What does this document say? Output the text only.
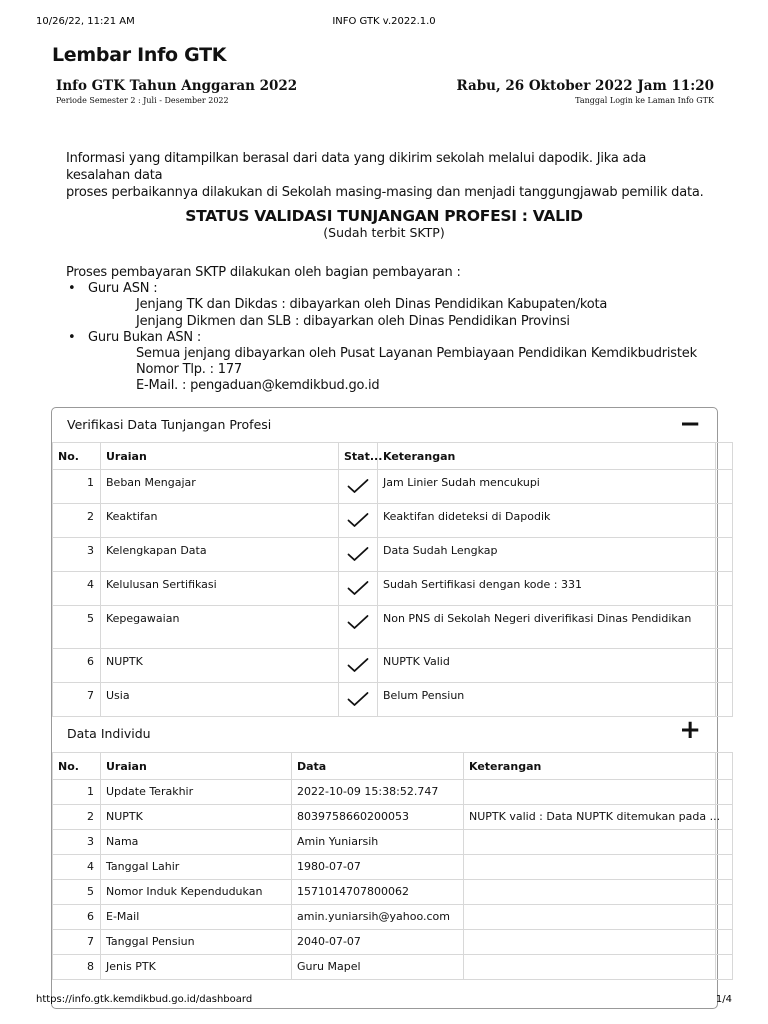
10/26/22, 11:21 AM	INFO GTK v.2022.1.0
Lembar Info GTK
Info GTK Tahun Anggaran 2022
Periode Semester 2 : Juli - Desember 2022
Rabu, 26 Oktober 2022 Jam 11:20
Tanggal Login ke Laman Info GTK
Informasi yang ditampilkan berasal dari data yang dikirim sekolah melalui dapodik. Jika ada kesalahan data
proses perbaikannya dilakukan di Sekolah masing-masing dan menjadi tanggungjawab pemilik data.
STATUS VALIDASI TUNJANGAN PROFESI : VALID
(Sudah terbit SKTP)
Proses pembayaran SKTP dilakukan oleh bagian pembayaran :
• Guru ASN :
Jenjang TK dan Dikdas : dibayarkan oleh Dinas Pendidikan Kabupaten/kota
Jenjang Dikmen dan SLB : dibayarkan oleh Dinas Pendidikan Provinsi
• Guru Bukan ASN :
Semua jenjang dibayarkan oleh Pusat Layanan Pembiayaan Pendidikan Kemdikbudristek
Nomor Tlp. : 177
E-Mail. : pengaduan@kemdikbud.go.id
Verifikasi Data Tunjangan Profesi	−
No.	Uraian	Stat...	Keterangan	
1	Beban Mengajar		Jam Linier Sudah mencukupi	
2	Keaktifan		Keaktifan dideteksi di Dapodik	
3	Kelengkapan Data		Data Sudah Lengkap	
4	Kelulusan Sertifikasi		Sudah Sertifikasi dengan kode : 331	
5	Kepegawaian		Non PNS di Sekolah Negeri diverifikasi Dinas Pendidikan	
6	NUPTK		NUPTK Valid	
7	Usia		Belum Pensiun	
Data Individu	+
No.	Uraian	Data	Keterangan	
1	Update Terakhir	2022-10-09 15:38:52.747		
2	NUPTK	8039758660200053	NUPTK valid : Data NUPTK ditemukan pada ...	
3	Nama	Amin Yuniarsih		
4	Tanggal Lahir	1980-07-07		
5	Nomor Induk Kependudukan	1571014707800062		
6	E-Mail	amin.yuniarsih@yahoo.com		
7	Tanggal Pensiun	2040-07-07		
8	Jenis PTK	Guru Mapel		
https://info.gtk.kemdikbud.go.id/dashboard	1/4
